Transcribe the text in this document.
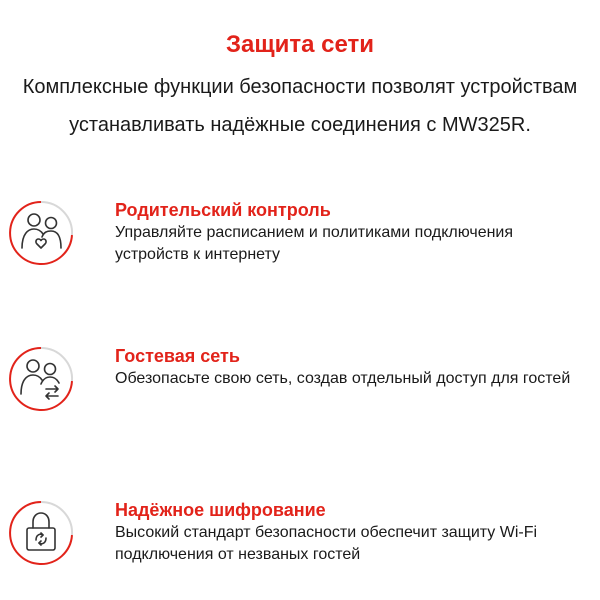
Защита сети
Комплексные функции безопасности позволят устройствам
устанавливать надёжные соединения с MW325R.
Родительский контроль
Управляйте расписанием и политиками подключения устройств к интернету
Гостевая сеть
Обезопасьте свою сеть, создав отдельный доступ для гостей
Надёжное шифрование
Высокий стандарт безопасности обеспечит защиту Wi-Fi подключения от незваных гостей
